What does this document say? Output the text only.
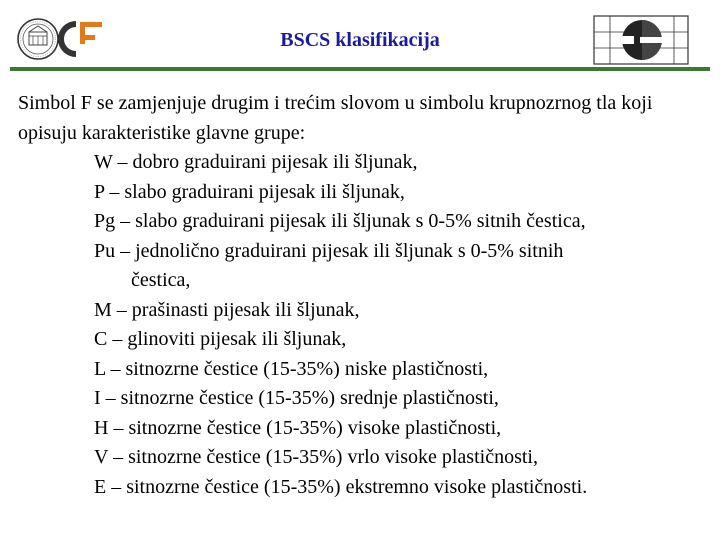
BSCS klasifikacija

Simbol F se zamjenjuje drugim i trećim slovom u simbolu krupnozrnog tla koji opisuju karakteristike glavne grupe:

W – dobro graduirani pijesak ili šljunak,
P – slabo graduirani pijesak ili šljunak,
Pg – slabo graduirani pijesak ili šljunak s 0-5% sitnih čestica,
Pu – jednolično graduirani pijesak ili šljunak s 0-5% sitnih
čestica,
M – prašinasti pijesak ili šljunak,
C – glinoviti pijesak ili šljunak,
L – sitnozrne čestice (15-35%) niske plastičnosti,
I – sitnozrne čestice (15-35%) srednje plastičnosti,
H – sitnozrne čestice (15-35%) visoke plastičnosti,
V – sitnozrne čestice (15-35%) vrlo visoke plastičnosti,
E – sitnozrne čestice (15-35%) ekstremno visoke plastičnosti.
